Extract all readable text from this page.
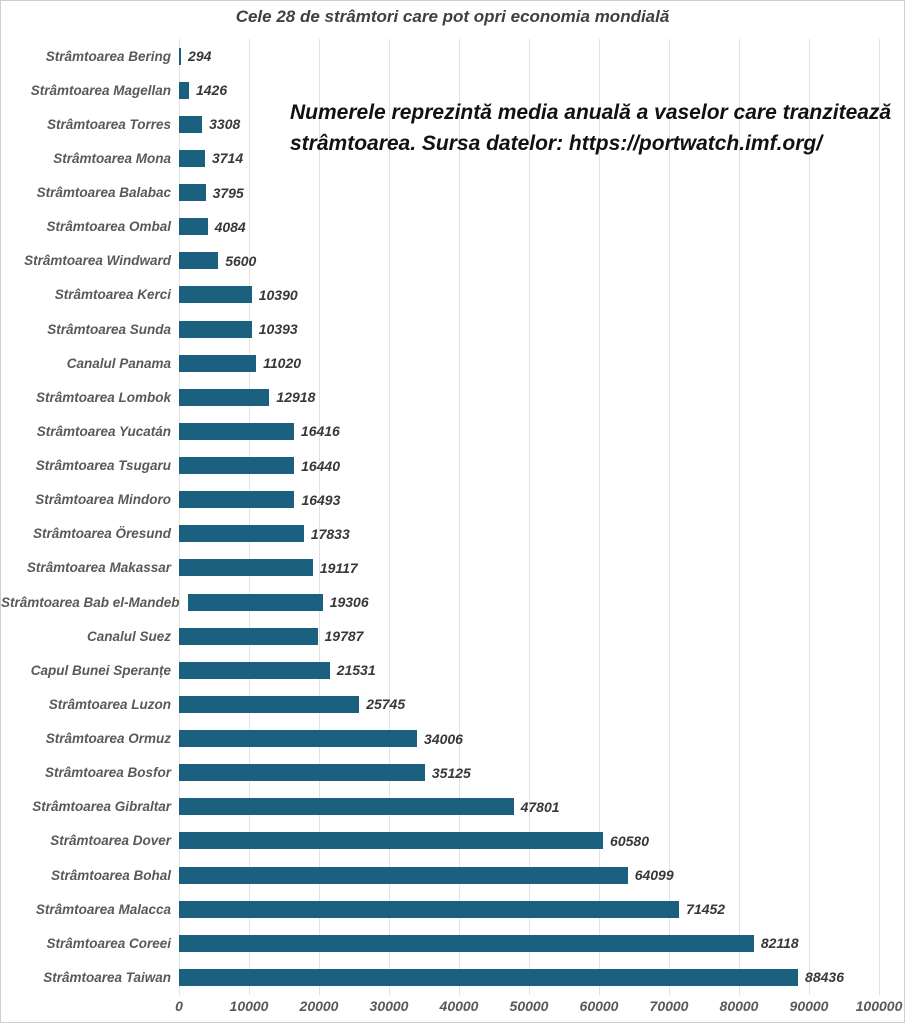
Cele 28 de strâmtori care pot opri economia mondială
Strâmtoarea Bering 294
Strâmtoarea Magellan 1426
Strâmtoarea Torres	3308
Strâmtoarea Mona	3714
Strâmtoarea Balabac	3795
Strâmtoarea Ombal	4084
Strâmtoarea Windward	5600
Strâmtoarea Kerci	10390
Strâmtoarea Sunda	10393
Canalul Panama	11020
Strâmtoarea Lombok	12918
Strâmtoarea Yucatán	16416
Strâmtoarea Tsugaru	16440
Strâmtoarea Mindoro	16493
Strâmtoarea Öresund	17833
Strâmtoarea Makassar	19117
Strâmtoarea Bab el-Mandeb	19306
Canalul Suez	19787
Capul Bunei Speranțe	21531
Strâmtoarea Luzon	25745
Strâmtoarea Ormuz	34006
Strâmtoarea Bosfor	35125
Strâmtoarea Gibraltar	47801
Strâmtoarea Dover	60580
Strâmtoarea Bohal	64099
Strâmtoarea Malacca	71452
Strâmtoarea Coreei	82118
Strâmtoarea Taiwan	88436
0	10000 20000 30000 40000 50000 60000 70000 80000 90000 100000
Numerele reprezintă media anuală a vaselor care tranzitează
strâmtoarea. Sursa datelor: https://portwatch.imf.org/
